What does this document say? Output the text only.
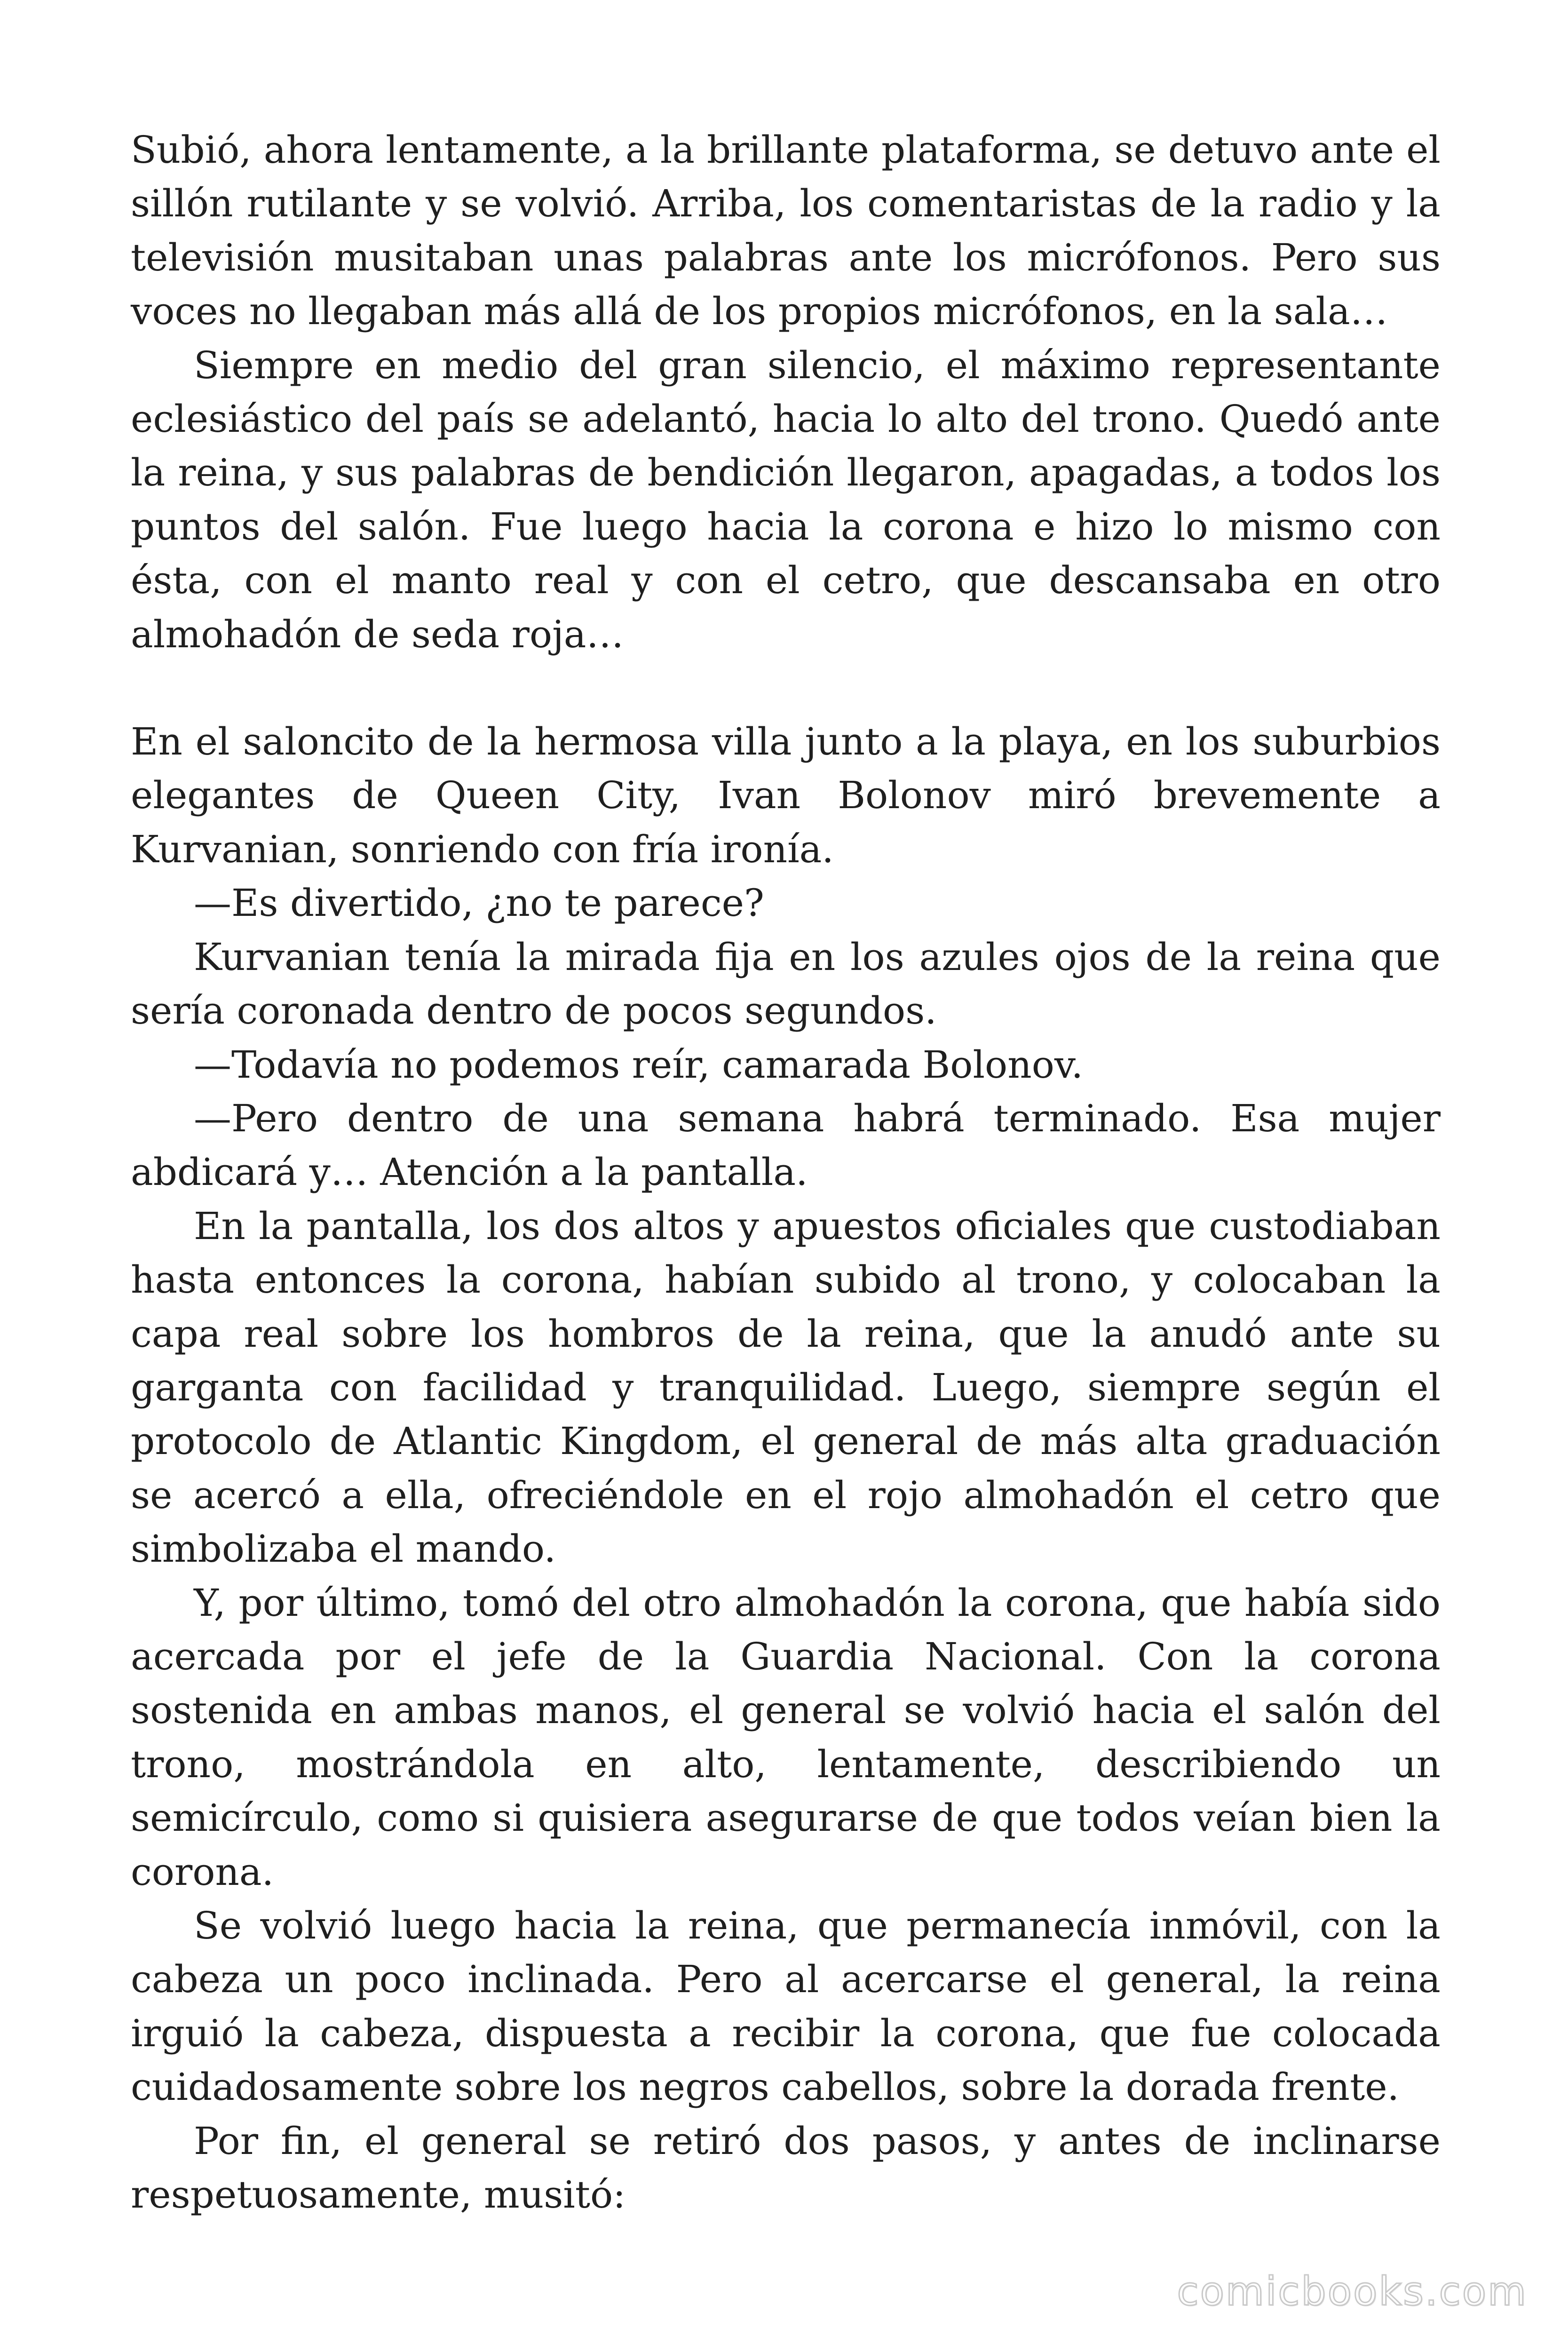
Subió, ahora lentamente, a la brillante plataforma, se detuvo ante el sillón rutilante y se volvió. Arriba, los comentaristas de la radio y la televisión musitaban unas palabras ante los micrófonos. Pero sus voces no llegaban más allá de los propios micrófonos, en la sala…

Siempre en medio del gran silencio, el máximo representante eclesiástico del país se adelantó, hacia lo alto del trono. Quedó ante la reina, y sus palabras de bendición llegaron, apagadas, a todos los puntos del salón. Fue luego hacia la corona e hizo lo mismo con ésta, con el manto real y con el cetro, que descansaba en otro almohadón de seda roja…

En el saloncito de la hermosa villa junto a la playa, en los suburbios elegantes de Queen City, Ivan Bolonov miró brevemente a Kurvanian, sonriendo con fría ironía.

—Es divertido, ¿no te parece?

Kurvanian tenía la mirada fija en los azules ojos de la reina que sería coronada dentro de pocos segundos.

—Todavía no podemos reír, camarada Bolonov.

—Pero dentro de una semana habrá terminado. Esa mujer abdicará y… Atención a la pantalla.

En la pantalla, los dos altos y apuestos oficiales que custodiaban hasta entonces la corona, habían subido al trono, y colocaban la capa real sobre los hombros de la reina, que la anudó ante su garganta con facilidad y tranquilidad. Luego, siempre según el protocolo de Atlantic Kingdom, el general de más alta graduación se acercó a ella, ofreciéndole en el rojo almohadón el cetro que simbolizaba el mando.

Y, por último, tomó del otro almohadón la corona, que había sido acercada por el jefe de la Guardia Nacional. Con la corona sostenida en ambas manos, el general se volvió hacia el salón del trono, mostrándola en alto, lentamente, describiendo un semicírculo, como si quisiera asegurarse de que todos veían bien la corona.

Se volvió luego hacia la reina, que permanecía inmóvil, con la cabeza un poco inclinada. Pero al acercarse el general, la reina irguió la cabeza, dispuesta a recibir la corona, que fue colocada cuidadosamente sobre los negros cabellos, sobre la dorada frente.

Por fin, el general se retiró dos pasos, y antes de inclinarse respetuosamente, musitó:

comicbooks.com
